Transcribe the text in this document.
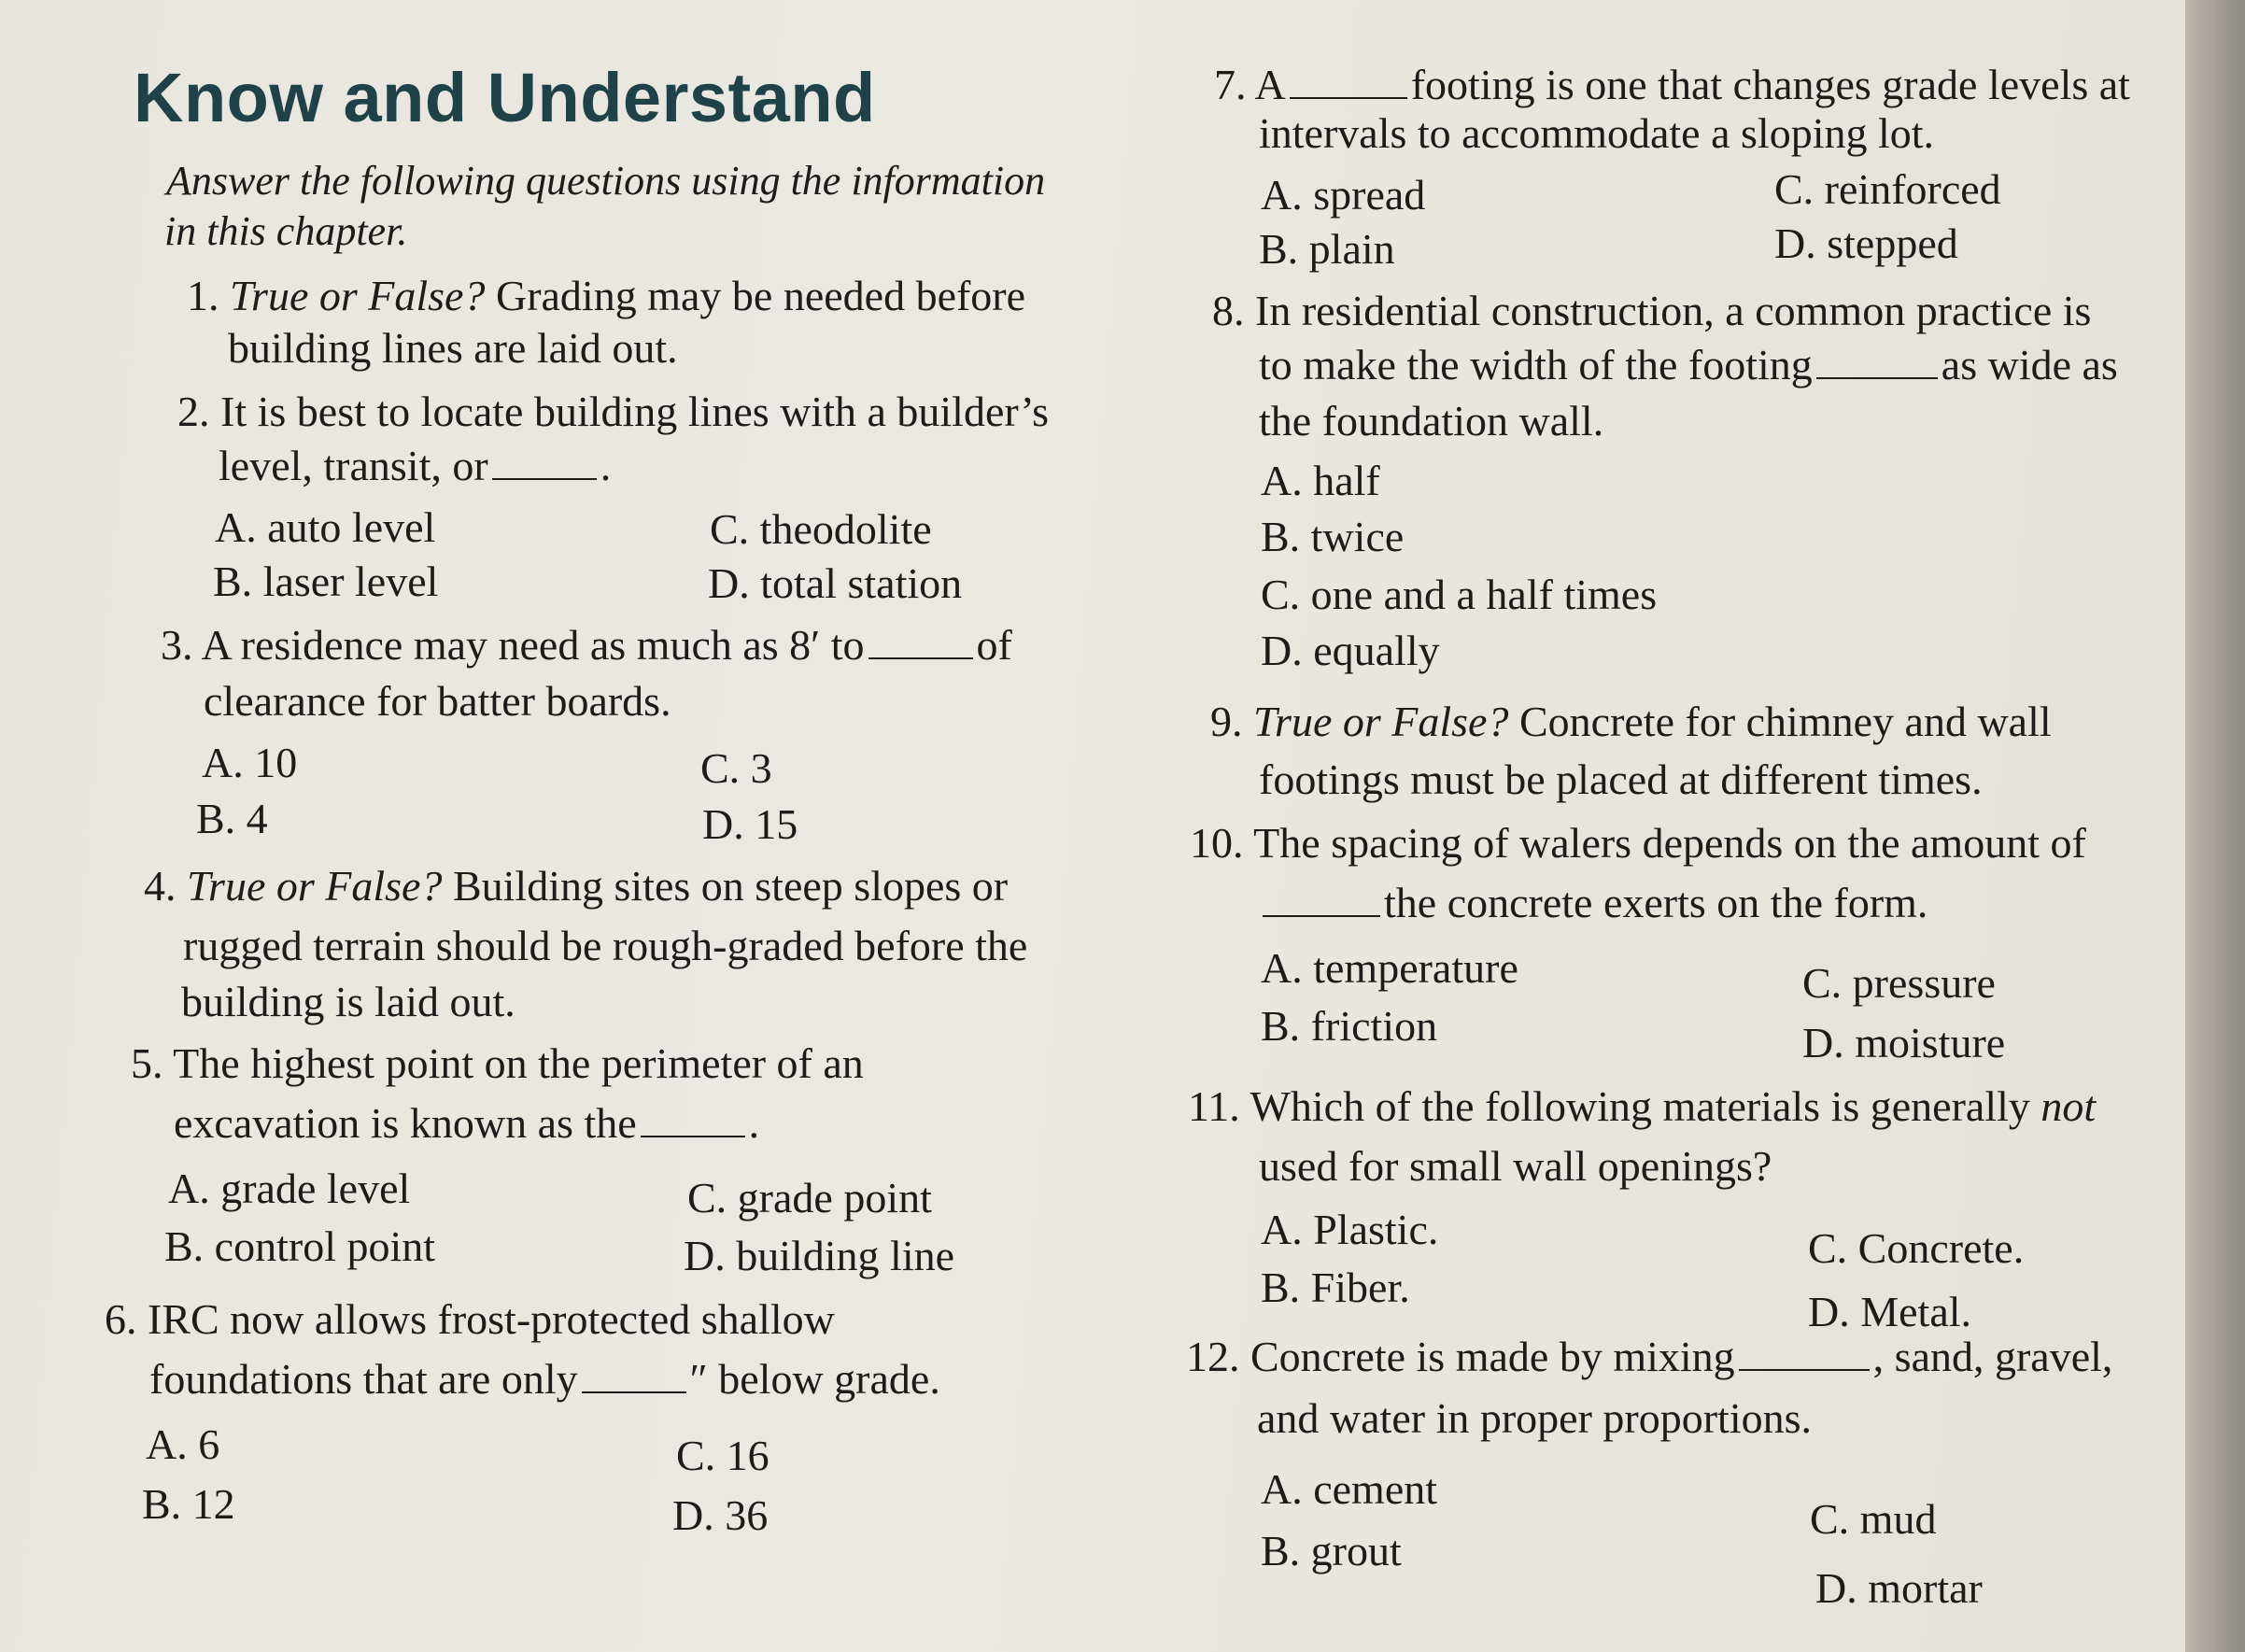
Know and Understand
Answer the following questions using the information
in this chapter.
1. True or False? Grading may be needed before
building lines are laid out.
2. It is best to locate building lines with a builder’s
level, transit, or	.
A. auto level
B. laser level
C. theodolite
D. total station
3. A residence may need as much as 8′ to	of
clearance for batter boards.
A. 10
B. 4
C. 3
D. 15
4. True or False? Building sites on steep slopes or
rugged terrain should be rough-graded before the
building is laid out.
5. The highest point on the perimeter of an
excavation is known as the	.
A. grade level
B. control point
C. grade point
D. building line
6. IRC now allows frost-protected shallow
foundations that are only	″ below grade.
A. 6
B. 12
C. 16
D. 36
7. A	footing is one that changes grade levels at
intervals to accommodate a sloping lot.
A. spread
B. plain
C. reinforced
D. stepped
8. In residential construction, a common practice is
to make the width of the footing	as wide as
the foundation wall.
A. half
B. twice
C. one and a half times
D. equally
9. True or False? Concrete for chimney and wall
footings must be placed at different times.
10. The spacing of walers depends on the amount of
the concrete exerts on the form.
A. temperature
B. friction
C. pressure
D. moisture
11. Which of the following materials is generally not
used for small wall openings?
A. Plastic.
B. Fiber.
C. Concrete.
D. Metal.
12. Concrete is made by mixing	, sand, gravel,
and water in proper proportions.
A. cement
B. grout
C. mud
D. mortar
